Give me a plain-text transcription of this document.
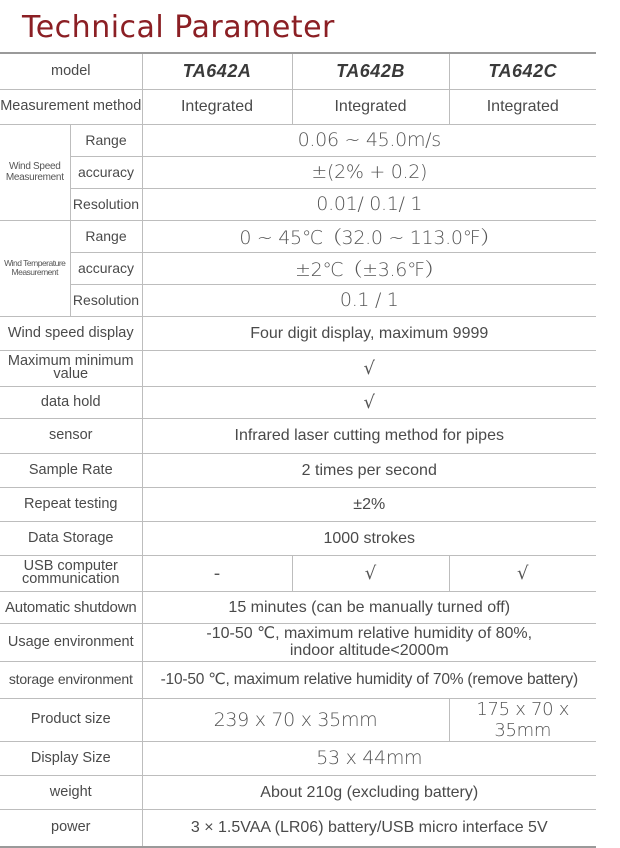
Technical Parameter
model		TA642A	TA642B	TA642C
Measurement method		Integrated	Integrated	Integrated
Wind Speed Measurement	Range	0.06 ~ 45.0m/s		
	accuracy	±(2% + 0.2)		
	Resolution	0.01/ 0.1/ 1		
Wind Temperature Measurement	Range	0 ~ 45℃（32.0 ~ 113.0℉）		
	accuracy	±2℃（±3.6℉）		
	Resolution	0.1 / 1		
Wind speed display		Four digit display, maximum 9999		
Maximum minimum value		√		
data hold		√		
sensor		Infrared laser cutting method for pipes		
Sample Rate		2 times per second		
Repeat testing		±2%		
Data Storage		1000 strokes		
USB computer communication		-	√	√
Automatic shutdown		15 minutes (can be manually turned off)		
Usage environment		-10-50 ℃, maximum relative humidity of 80%,
indoor altitude<2000m		

storage environment		-10-50 ℃, maximum relative humidity of 70% (remove battery)		
Product size		239 x 70 x 35mm		175 x 70 x 35mm
Display Size		53 x 44mm		
weight		About 210g (excluding battery)		
power		3 × 1.5VAA (LR06) battery/USB micro interface 5V		
